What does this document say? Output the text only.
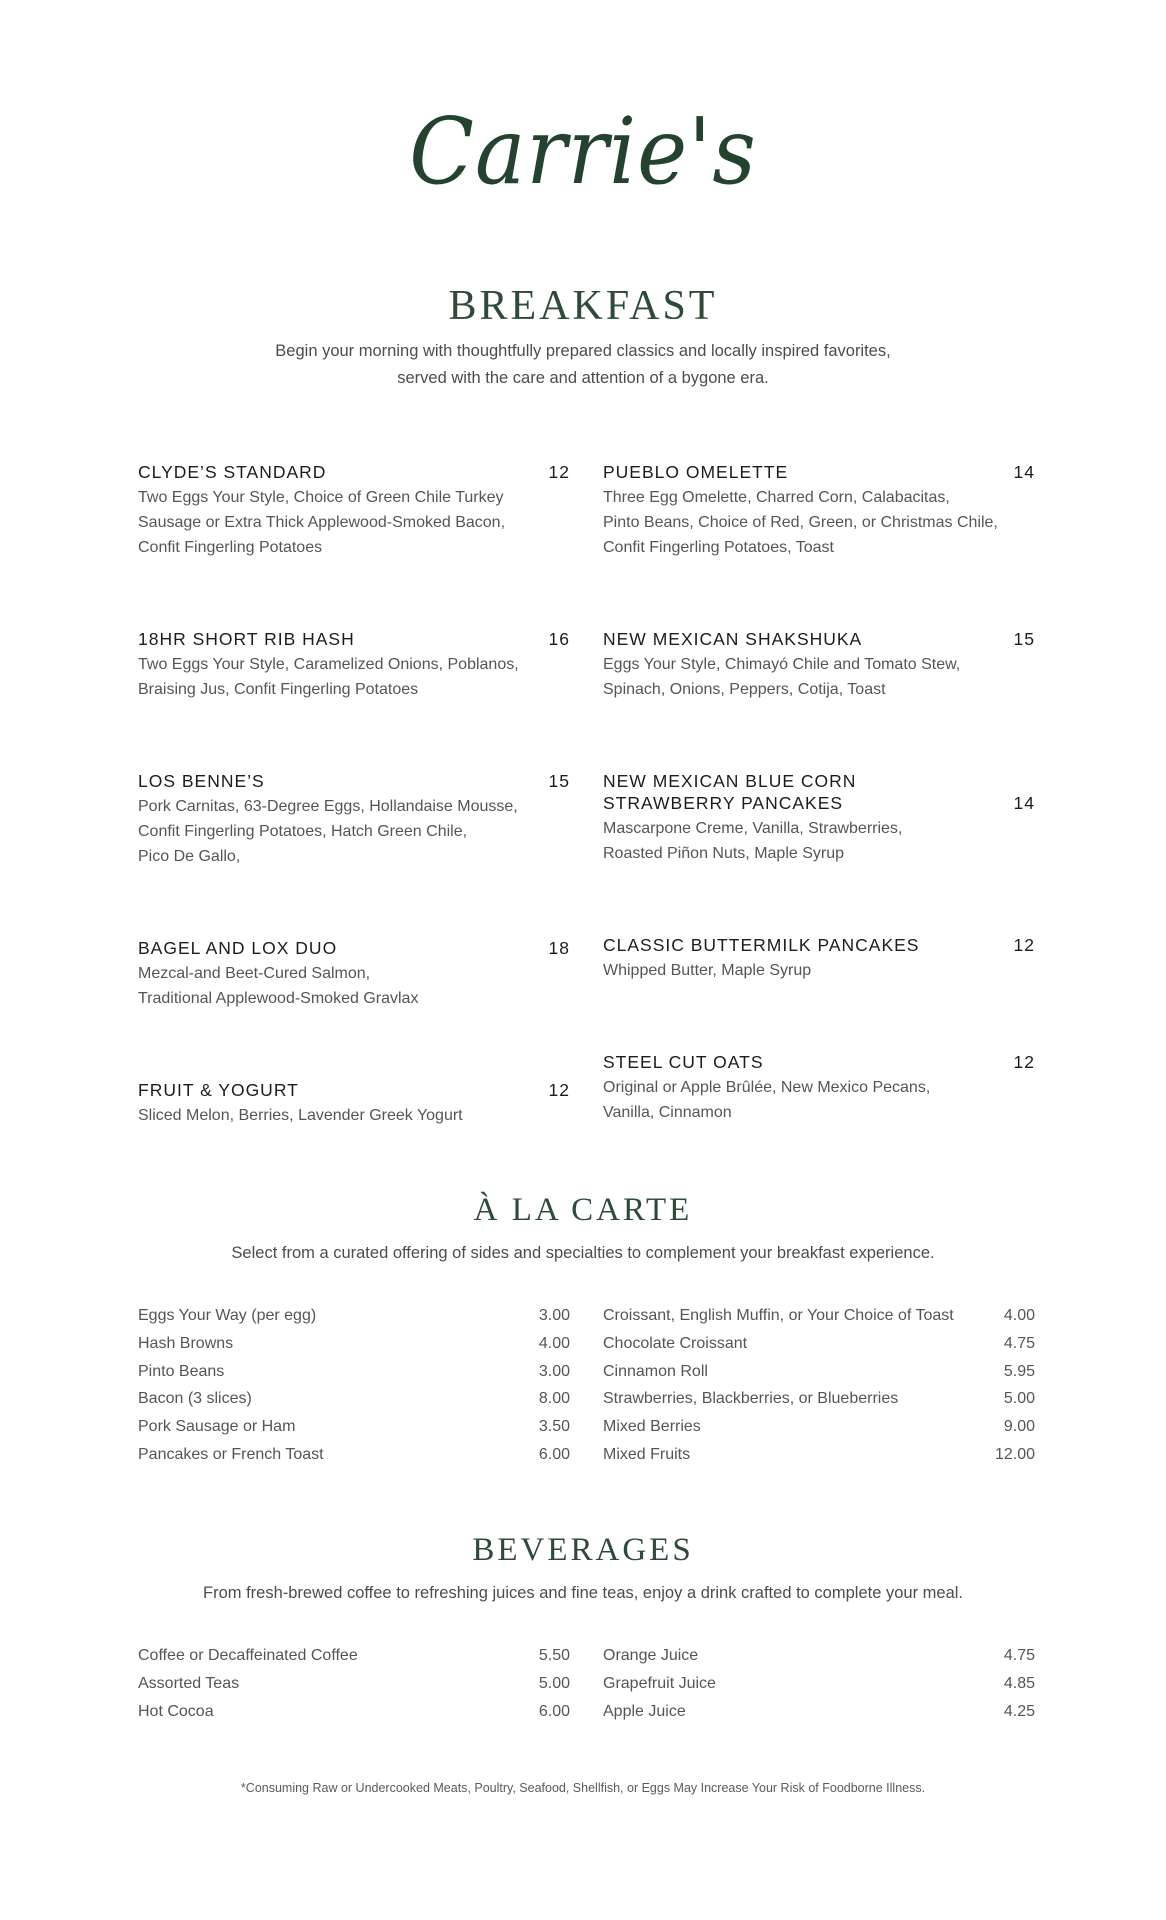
Carrie's
BREAKFAST
Begin your morning with thoughtfully prepared classics and locally inspired favorites,
served with the care and attention of a bygone era.
CLYDE’S STANDARD	12
Two Eggs Your Style, Choice of Green Chile Turkey
Sausage or Extra Thick Applewood-Smoked Bacon,
Confit Fingerling Potatoes
18HR SHORT RIB HASH	16
Two Eggs Your Style, Caramelized Onions, Poblanos,
Braising Jus, Confit Fingerling Potatoes
LOS BENNE’S	15
Pork Carnitas, 63-Degree Eggs, Hollandaise Mousse,
Confit Fingerling Potatoes, Hatch Green Chile,
Pico De Gallo,
BAGEL AND LOX DUO	18
Mezcal-and Beet-Cured Salmon,
Traditional Applewood-Smoked Gravlax
FRUIT & YOGURT	12
Sliced Melon, Berries, Lavender Greek Yogurt
PUEBLO OMELETTE	14
Three Egg Omelette, Charred Corn, Calabacitas,
Pinto Beans, Choice of Red, Green, or Christmas Chile,
Confit Fingerling Potatoes, Toast
NEW MEXICAN SHAKSHUKA	15
Eggs Your Style, Chimayó Chile and Tomato Stew,
Spinach, Onions, Peppers, Cotija, Toast
NEW MEXICAN BLUE CORN
STRAWBERRY PANCAKES	14
Mascarpone Creme, Vanilla, Strawberries,
Roasted Piñon Nuts, Maple Syrup
CLASSIC BUTTERMILK PANCAKES	12
Whipped Butter, Maple Syrup
STEEL CUT OATS	12
Original or Apple Brûlée, New Mexico Pecans,
Vanilla, Cinnamon
À LA CARTE
Select from a curated offering of sides and specialties to complement your breakfast experience.
Eggs Your Way (per egg)	3.00
Hash Browns	4.00
Pinto Beans	3.00
Bacon (3 slices)	8.00
Pork Sausage or Ham	3.50
Pancakes or French Toast	6.00
Croissant, English Muffin, or Your Choice of Toast	4.00
Chocolate Croissant	4.75
Cinnamon Roll	5.95
Strawberries, Blackberries, or Blueberries	5.00
Mixed Berries	9.00
Mixed Fruits	12.00
BEVERAGES
From fresh-brewed coffee to refreshing juices and fine teas, enjoy a drink crafted to complete your meal.
Coffee or Decaffeinated Coffee	5.50
Assorted Teas	5.00
Hot Cocoa	6.00
Orange Juice	4.75
Grapefruit Juice	4.85
Apple Juice	4.25
*Consuming Raw or Undercooked Meats, Poultry, Seafood, Shellfish, or Eggs May Increase Your Risk of Foodborne Illness.
